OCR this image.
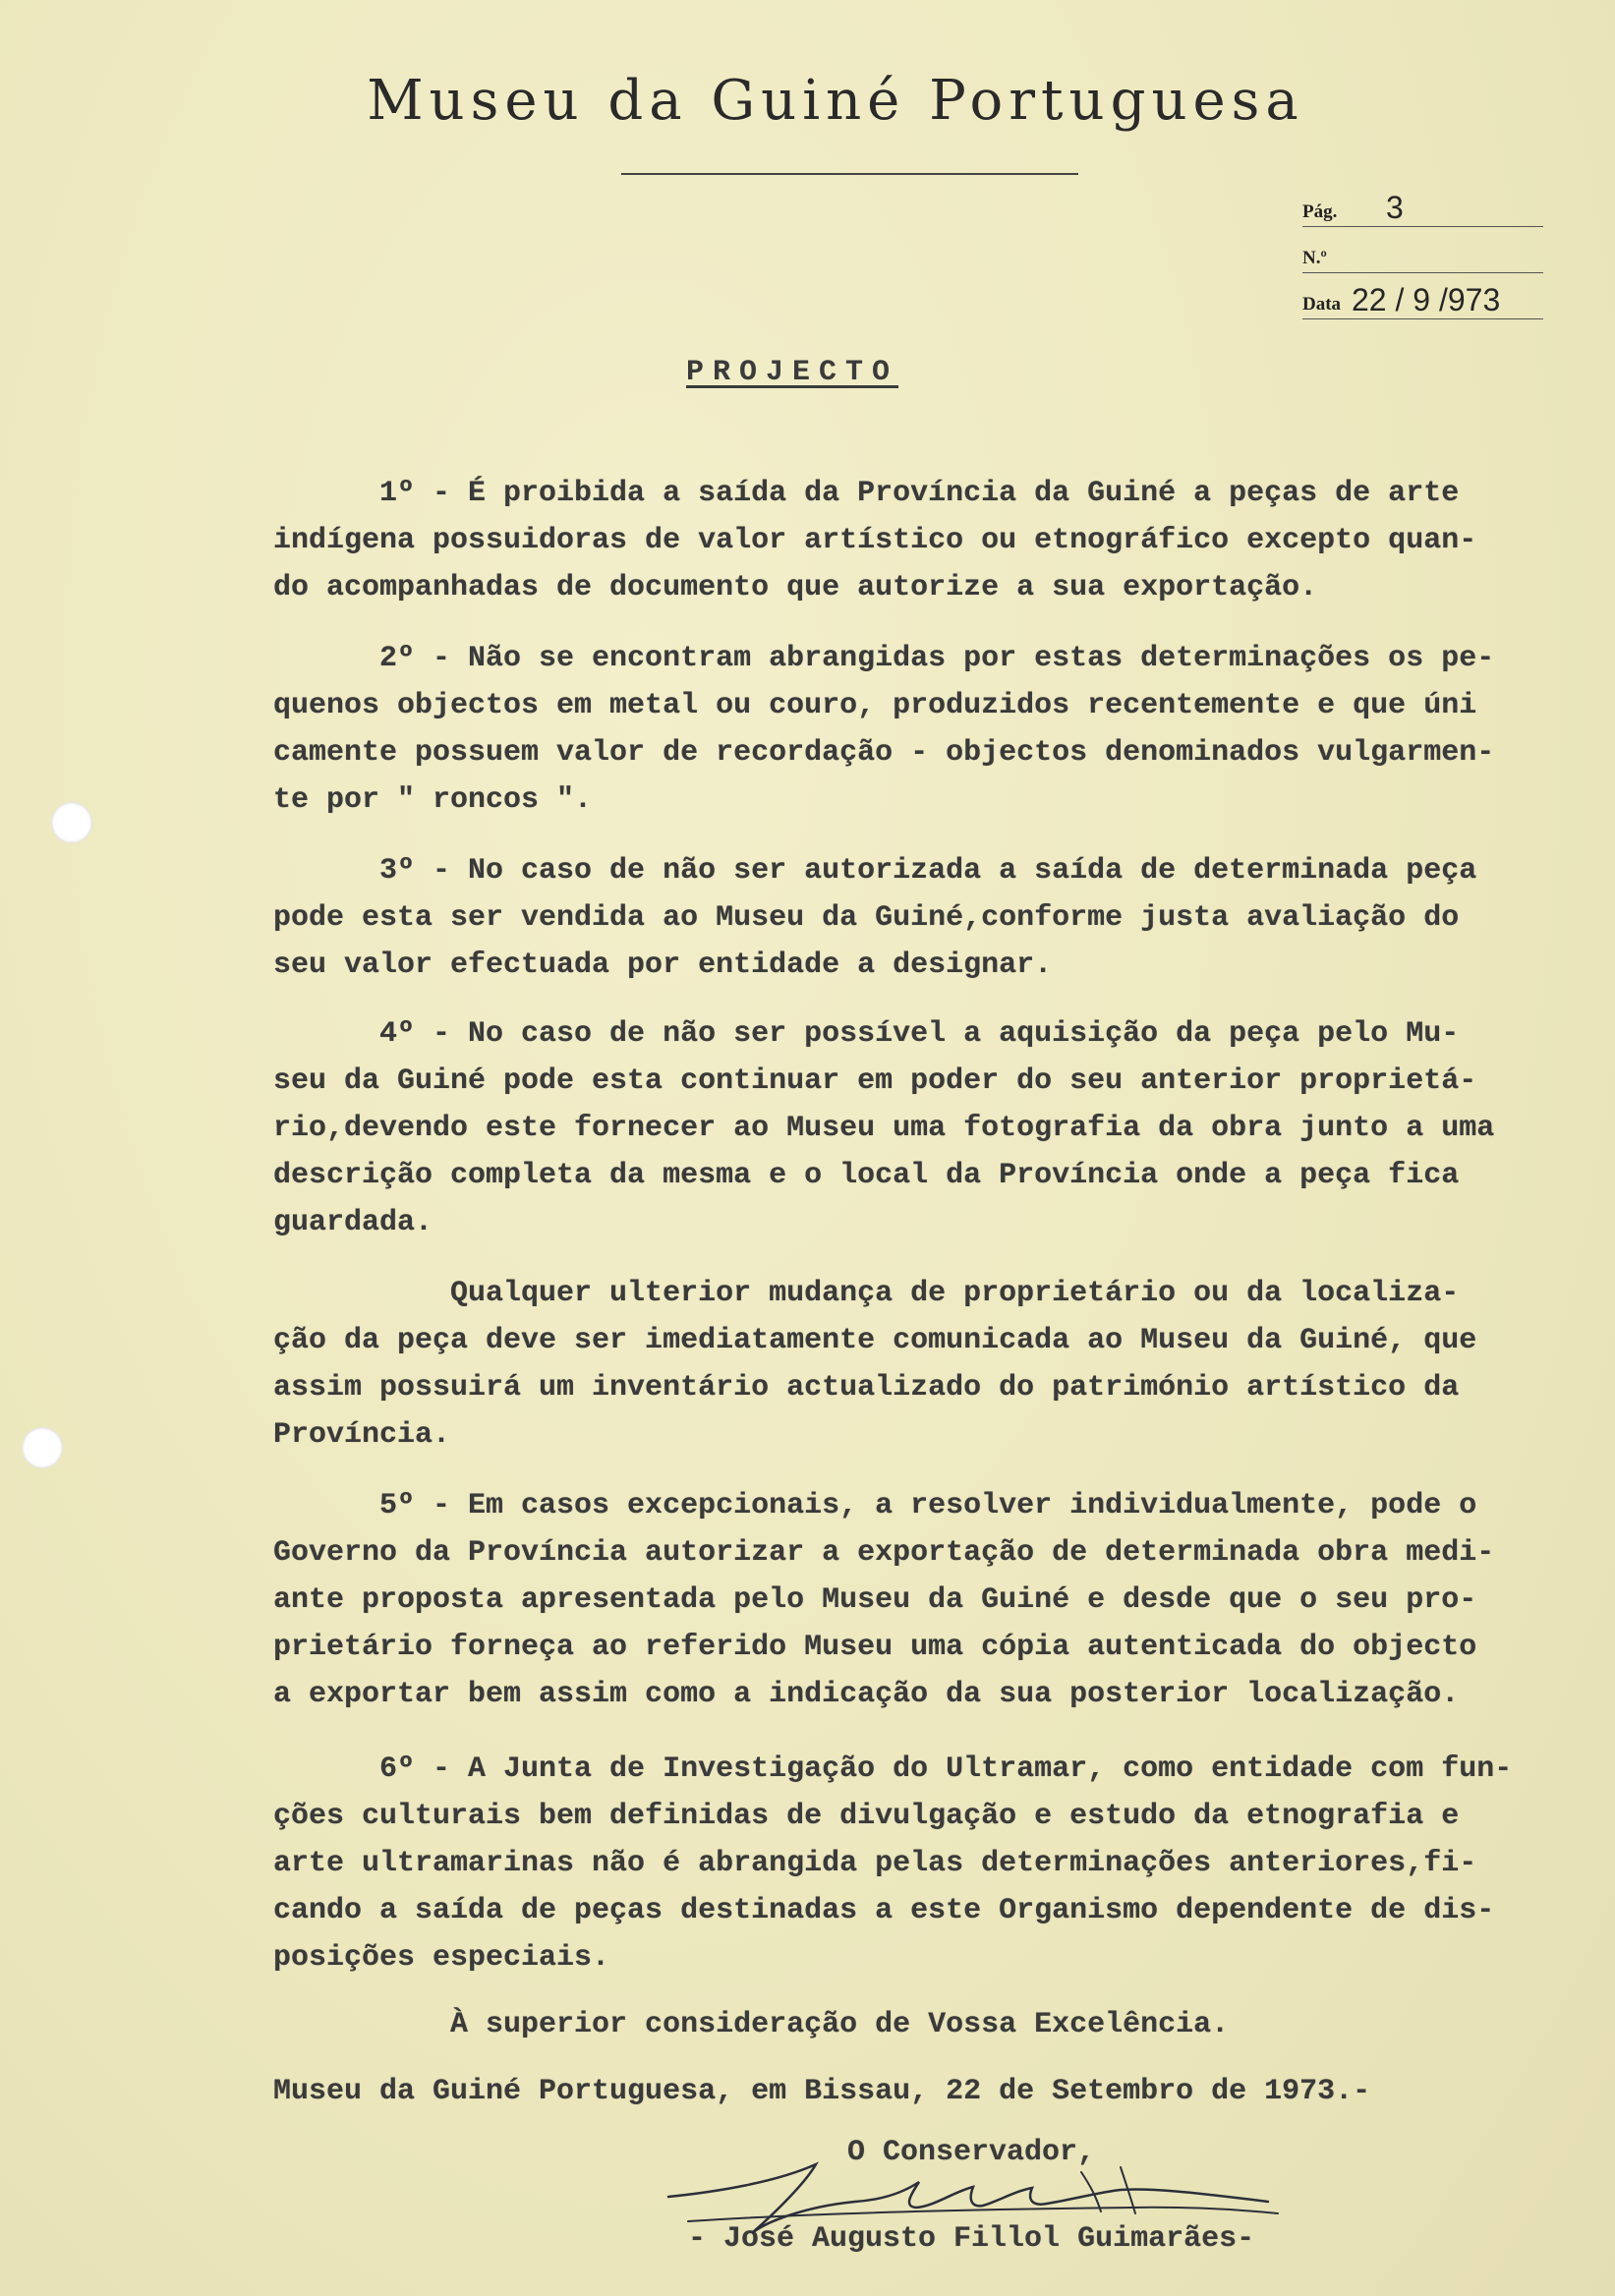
Museu da Guiné Portuguesa
Pág. 3
N.º
Data 22 / 9 /973
PROJECTO
1º - É proibida a saída da Província da Guiné a peças de arte
indígena possuidoras de valor artístico ou etnográfico excepto quan-
do acompanhadas de documento que autorize a sua exportação.
2º - Não se encontram abrangidas por estas determinações os pe-
quenos objectos em metal ou couro, produzidos recentemente e que úni
camente possuem valor de recordação - objectos denominados vulgarmen-
te por " roncos ".
3º - No caso de não ser autorizada a saída de determinada peça
pode esta ser vendida ao Museu da Guiné,conforme justa avaliação do
seu valor efectuada por entidade a designar.
4º - No caso de não ser possível a aquisição da peça pelo Mu-
seu da Guiné pode esta continuar em poder do seu anterior proprietá-
rio,devendo este fornecer ao Museu uma fotografia da obra junto a uma
descrição completa da mesma e o local da Província onde a peça fica
guardada.
Qualquer ulterior mudança de proprietário ou da localiza-
ção da peça deve ser imediatamente comunicada ao Museu da Guiné, que
assim possuirá um inventário actualizado do património artístico da
Província.
5º - Em casos excepcionais, a resolver individualmente, pode o
Governo da Província autorizar a exportação de determinada obra medi-
ante proposta apresentada pelo Museu da Guiné e desde que o seu pro-
prietário forneça ao referido Museu uma cópia autenticada do objecto
a exportar bem assim como a indicação da sua posterior localização.
6º - A Junta de Investigação do Ultramar, como entidade com fun-
ções culturais bem definidas de divulgação e estudo da etnografia e
arte ultramarinas não é abrangida pelas determinações anteriores,fi-
cando a saída de peças destinadas a este Organismo dependente de dis-
posições especiais.
À superior consideração de Vossa Excelência.
Museu da Guiné Portuguesa, em Bissau, 22 de Setembro de 1973.-
O Conservador,
- José Augusto Fillol Guimarães-
